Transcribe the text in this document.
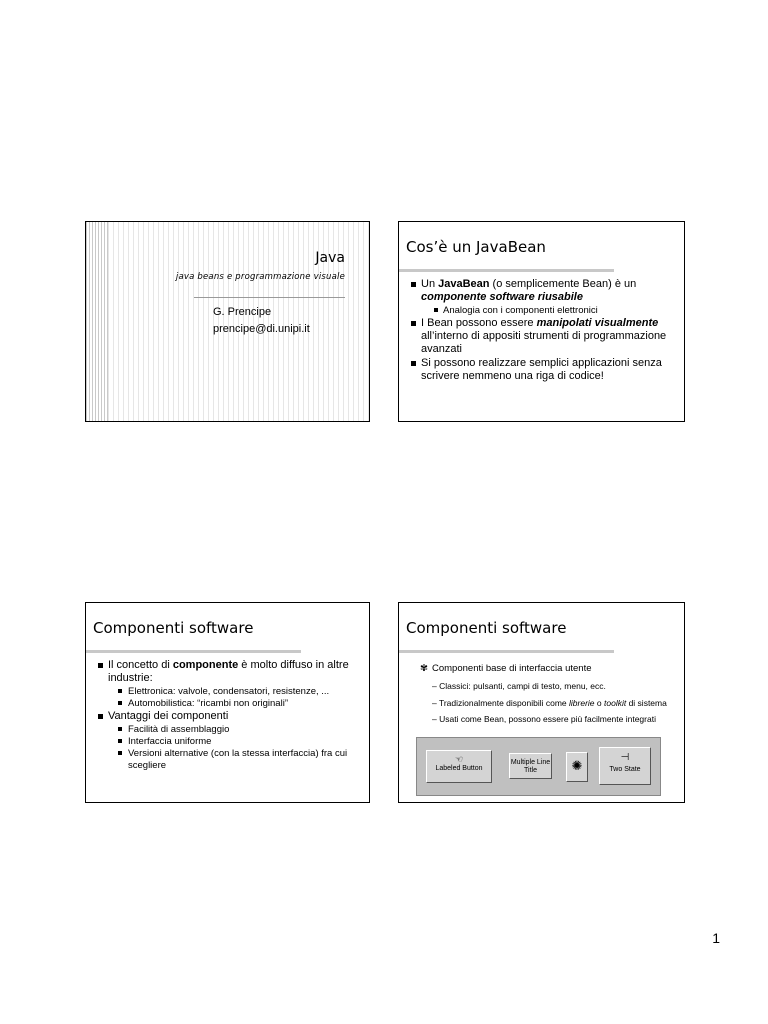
Java
java beans e programmazione visuale
G. Prencipe
prencipe@di.unipi.it
Cos’è un JavaBean
Un JavaBean (o semplicemente Bean) è un componente software riusabile
Analogia con i componenti elettronici
I Bean possono essere manipolati visualmente all’interno di appositi strumenti di programmazione avanzati
Si possono realizzare semplici applicazioni senza scrivere nemmeno una riga di codice!
Componenti software
Il concetto di componente è molto diffuso in altre industrie:
Elettronica: valvole, condensatori, resistenze, ...
Automobilistica: “ricambi non originali”
Vantaggi dei componenti
Facilità di assemblaggio
Interfaccia uniforme
Versioni alternative (con la stessa interfaccia) fra cui scegliere
Componenti software
✾ Componenti base di interfaccia utente
– Classici: pulsanti, campi di testo, menu, ecc.
– Tradizionalmente disponibili come librerie o toolkit di sistema
– Usati come Bean, possono essere più facilmente integrati
☜
Labeled Button
Multiple Line Title	✺
⊣
Two State
1
